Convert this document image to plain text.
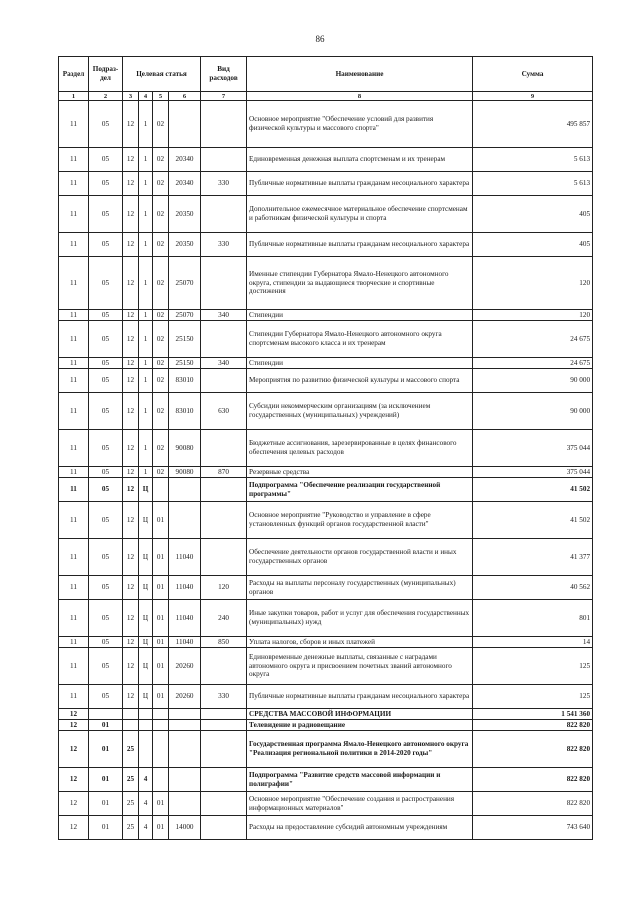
86
Раздел	Подраз-дел	Целевая статья				Вид расходов	Наименование	Сумма
1	2	3	4	5	6	7	8	9
11	05	12	1	02			Основное мероприятие "Обеспечение условий для развития физической культуры и массового спорта"	495 857
11	05	12	1	02	20340		Единовременная денежная выплата спортсменам и их тренерам	5 613
11	05	12	1	02	20340	330	Публичные нормативные выплаты гражданам несоциального характера	5 613
11	05	12	1	02	20350		Дополнительное ежемесячное материальное обеспечение спортсменам и работникам физической культуры и спорта	405
11	05	12	1	02	20350	330	Публичные нормативные выплаты гражданам несоциального характера	405
11	05	12	1	02	25070		Именные стипендии Губернатора Ямало-Ненецкого автономного округа, стипендии за выдающиеся творческие и спортивные достижения	120
11	05	12	1	02	25070	340	Стипендии	120
11	05	12	1	02	25150		Стипендии Губернатора Ямало-Ненецкого автономного округа спортсменам высокого класса и их тренерам	24 675
11	05	12	1	02	25150	340	Стипендии	24 675
11	05	12	1	02	83010		Мероприятия по развитию физической культуры и массового спорта	90 000
11	05	12	1	02	83010	630	Субсидии некоммерческим организациям (за исключением государственных (муниципальных) учреждений)	90 000
11	05	12	1	02	90080		Бюджетные ассигнования, зарезервированные в целях финансового обеспечения целевых расходов	375 044
11	05	12	1	02	90080	870	Резервные средства	375 044
11	05	12	Ц				Подпрограмма "Обеспечение реализации государственной программы"	41 502
11	05	12	Ц	01			Основное мероприятие "Руководство и управление в сфере установленных функций органов государственной власти"	41 502
11	05	12	Ц	01	11040		Обеспечение деятельности органов государственной власти и иных государственных органов	41 377
11	05	12	Ц	01	11040	120	Расходы на выплаты персоналу государственных (муниципальных) органов	40 562
11	05	12	Ц	01	11040	240	Иные закупки товаров, работ и услуг для обеспечения государственных (муниципальных) нужд	801
11	05	12	Ц	01	11040	850	Уплата налогов, сборов и иных платежей	14
11	05	12	Ц	01	20260		Единовременные денежные выплаты, связанные с наградами автономного округа и присвоением почетных званий автономного округа	125
11	05	12	Ц	01	20260	330	Публичные нормативные выплаты гражданам несоциального характера	125
12							СРЕДСТВА МАССОВОЙ ИНФОРМАЦИИ	1 541 360
12	01						Телевидение и радиовещание	822 820
12	01	25					Государственная программа Ямало-Ненецкого автономного округа "Реализация региональной политики в 2014-2020 годы"	822 820
12	01	25	4				Подпрограмма "Развитие средств массовой информации и полиграфии"	822 820
12	01	25	4	01			Основное мероприятие "Обеспечение создания и распространения информационных материалов"	822 820
12	01	25	4	01	14000		Расходы на предоставление субсидий автономным учреждениям	743 640
